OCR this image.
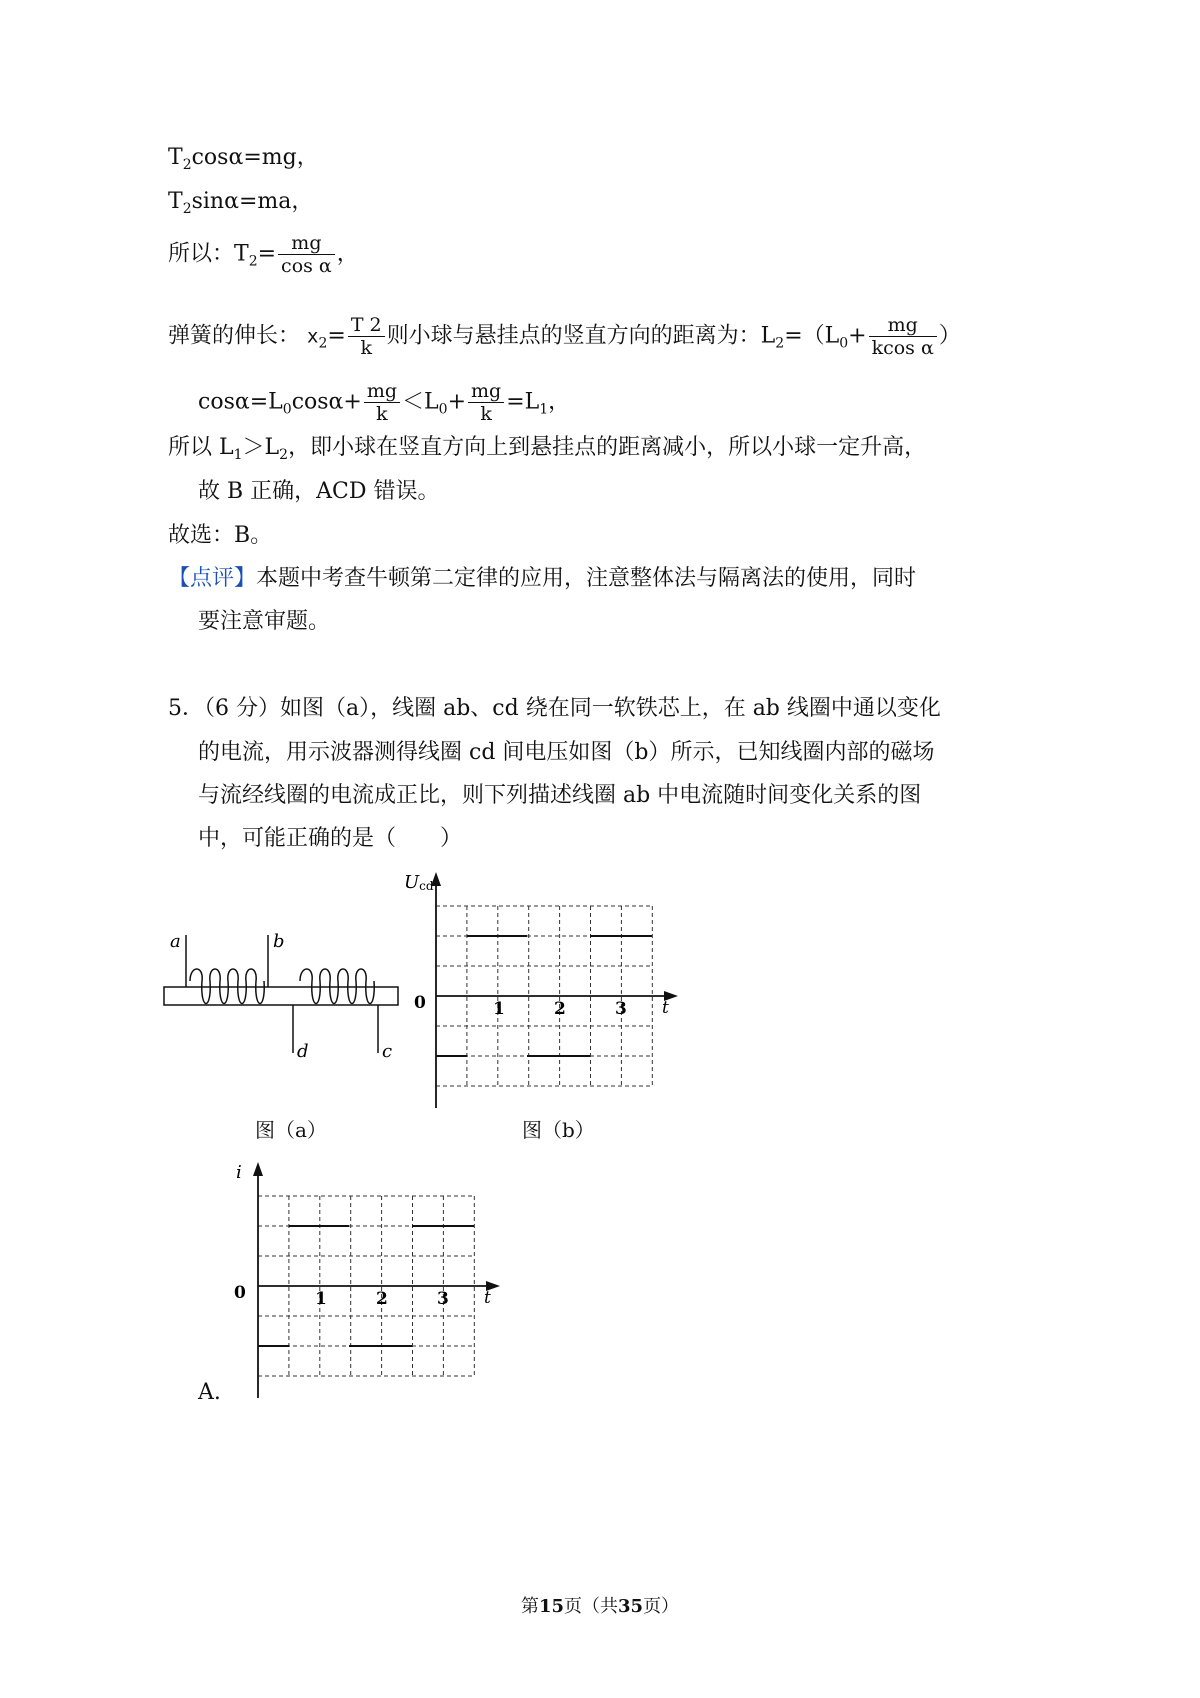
$T_2\cos\alpha=mg$，
$T_2\sin\alpha=ma$，
所以：$T_2= \frac{mg}{\text{cos α}}$ ，
弹簧的伸长： $x_2= \frac{T 2}{k}$ 则小球与悬挂点的竖直方向的距离为：$L_2=(L_0+ \frac{mg}{\text{kcos α}}$ ）
$\cos\alpha=L_0\cos\alpha+ \frac{mg}{k} <L_0+ \frac{mg}{k} =L_1$，
所以 $L_1>L_2$，即小球在竖直方向上到悬挂点的距离减小，所以小球一定升高，
故 B 正确，ACD 错误。
故选：B。
【点评】本题中考查牛顿第二定律的应用，注意整体法与隔离法的使用，同时
要注意审题。
5．（6 分）如图（a），线圈 ab、cd 绕在同一软铁芯上，在 ab 线圈中通以变化
的电流，用示波器测得线圈 cd 间电压如图（b）所示，已知线圈内部的磁场
与流经线圈的电流成正比，则下列描述线圈 ab 中电流随时间变化关系的图
中，可能正确的是（　　）
a	b
d	c
图（a）
Ucd
0	t
1	2	3
图（b）
i
0	t
1	2	3
A.
第15页（共35页）
